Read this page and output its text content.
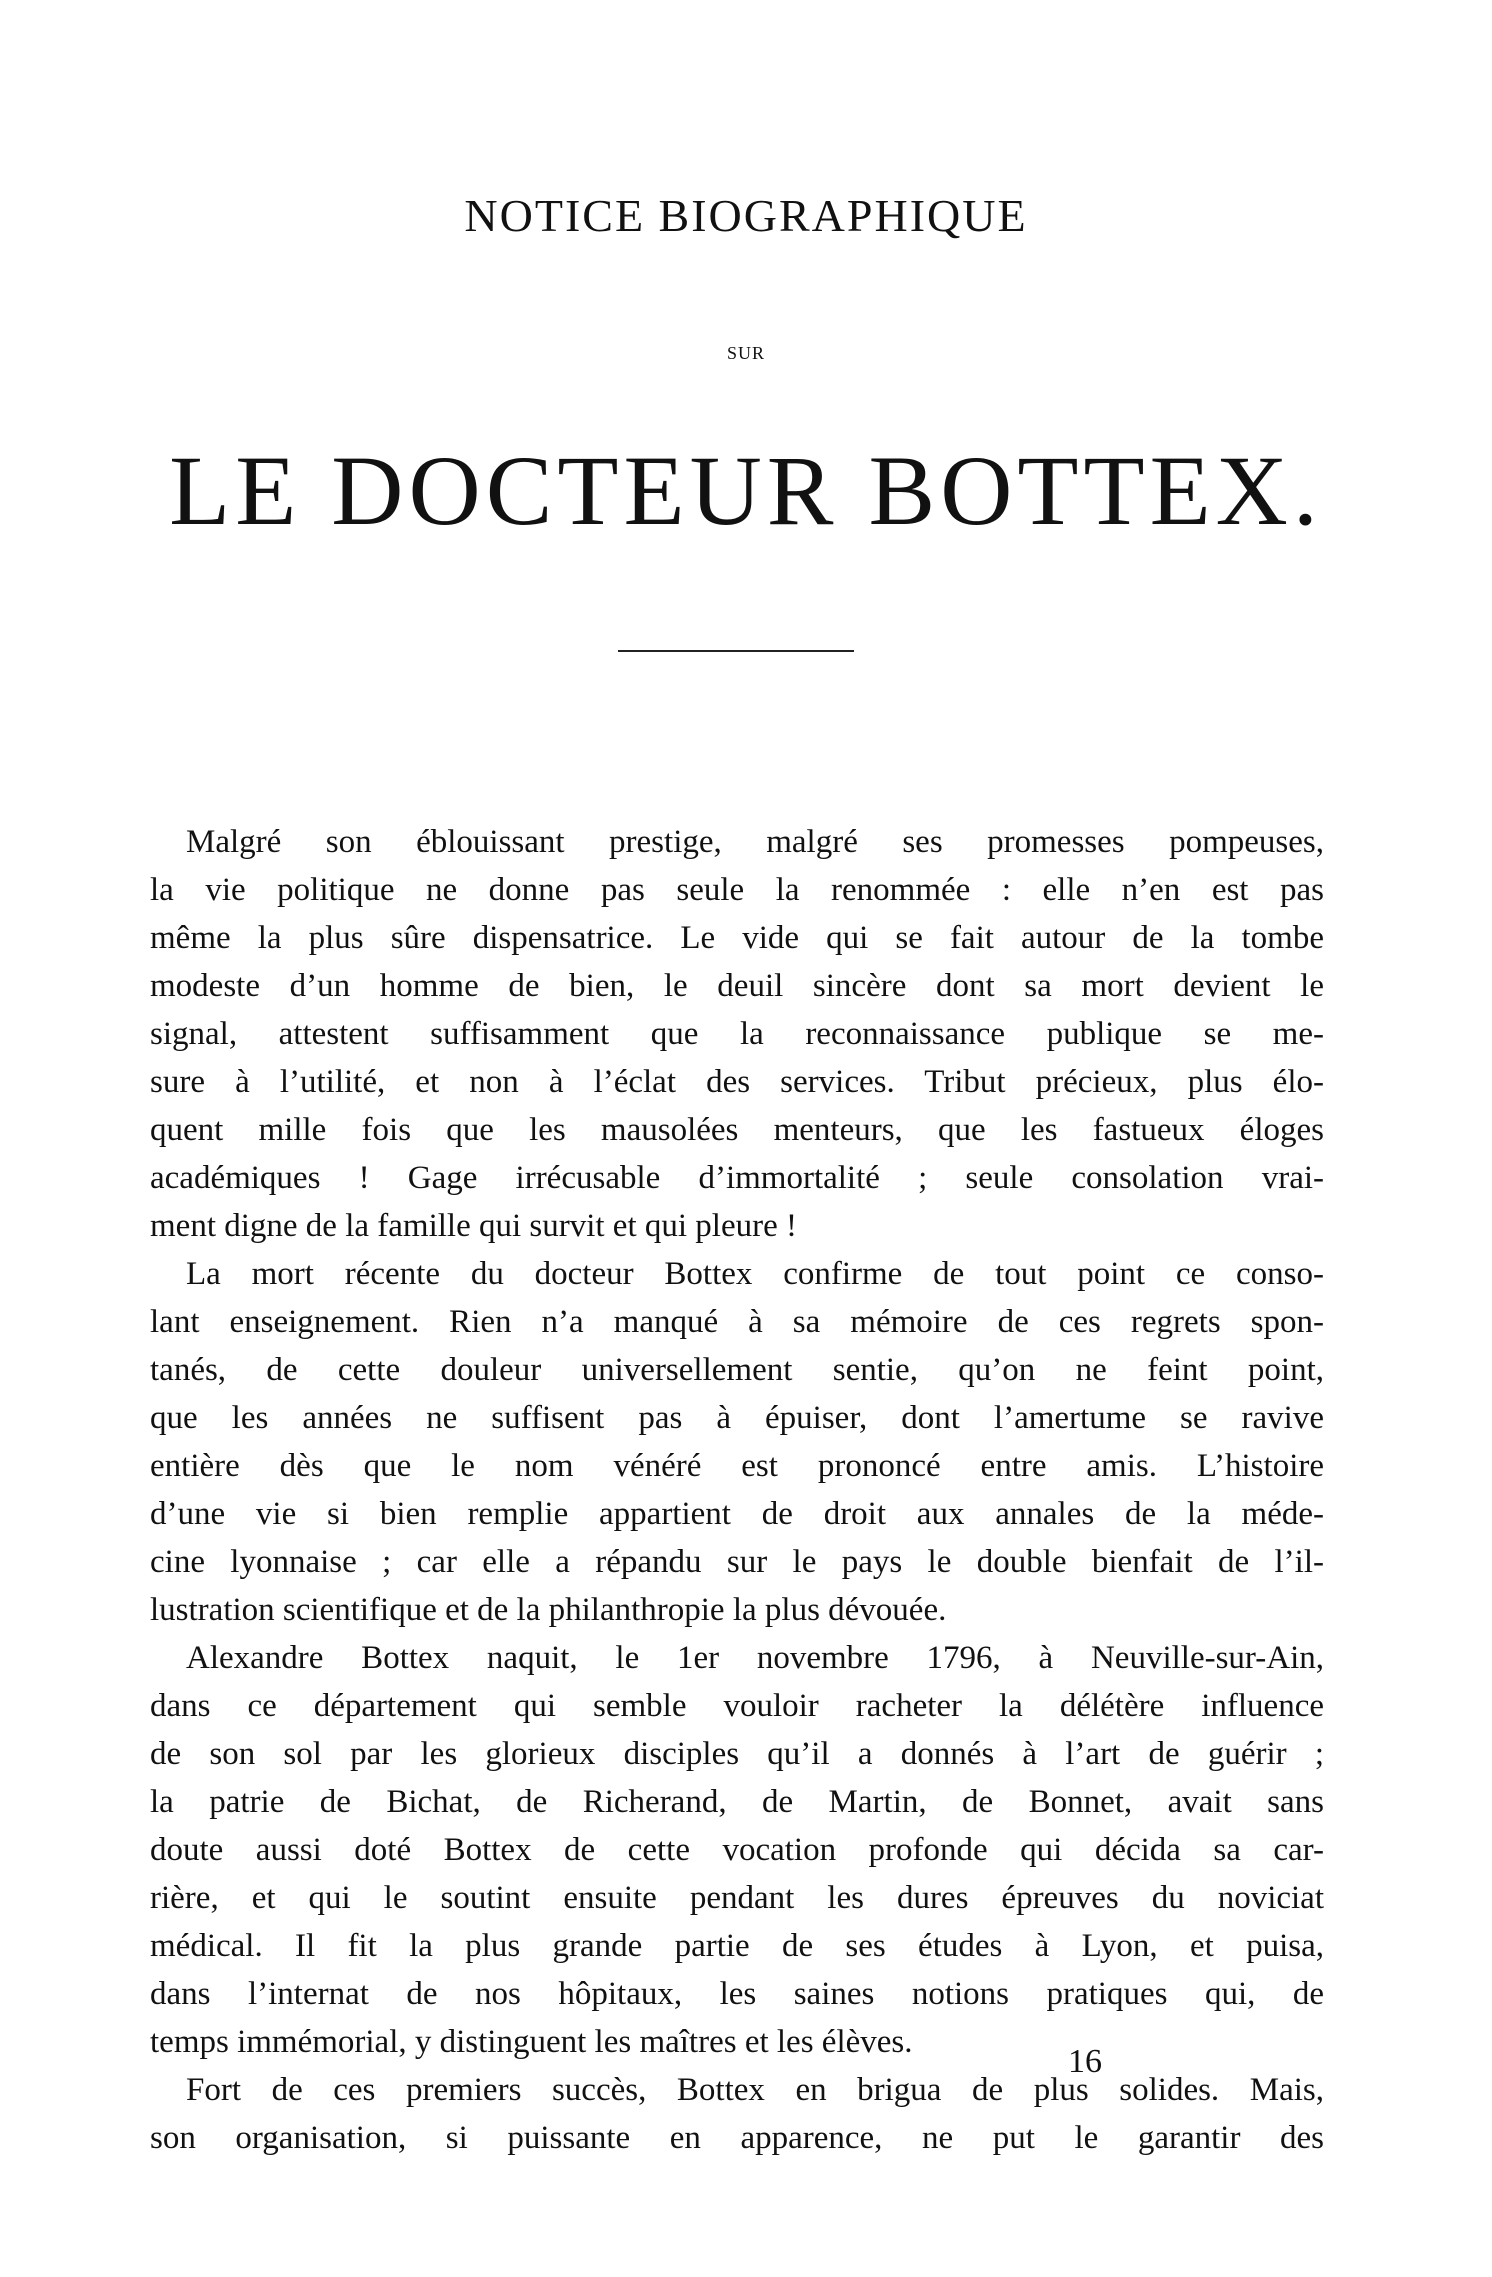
NOTICE BIOGRAPHIQUE
SUR
LE DOCTEUR BOTTEX.
Malgré son éblouissant prestige, malgré ses promesses pompeuses,
la vie politique ne donne pas seule la renommée : elle n’en est pas
même la plus sûre dispensatrice. Le vide qui se fait autour de la tombe
modeste d’un homme de bien, le deuil sincère dont sa mort devient le
signal, attestent suffisamment que la reconnaissance publique se me-
sure à l’utilité, et non à l’éclat des services. Tribut précieux, plus élo-
quent mille fois que les mausolées menteurs, que les fastueux éloges
académiques ! Gage irrécusable d’immortalité ; seule consolation vrai-
ment digne de la famille qui survit et qui pleure !
La mort récente du docteur Bottex confirme de tout point ce conso-
lant enseignement. Rien n’a manqué à sa mémoire de ces regrets spon-
tanés, de cette douleur universellement sentie, qu’on ne feint point,
que les années ne suffisent pas à épuiser, dont l’amertume se ravive
entière dès que le nom vénéré est prononcé entre amis. L’histoire
d’une vie si bien remplie appartient de droit aux annales de la méde-
cine lyonnaise ; car elle a répandu sur le pays le double bienfait de l’il-
lustration scientifique et de la philanthropie la plus dévouée.
Alexandre Bottex naquit, le 1er novembre 1796, à Neuville-sur-Ain,
dans ce département qui semble vouloir racheter la délétère influence
de son sol par les glorieux disciples qu’il a donnés à l’art de guérir ;
la patrie de Bichat, de Richerand, de Martin, de Bonnet, avait sans
doute aussi doté Bottex de cette vocation profonde qui décida sa car-
rière, et qui le soutint ensuite pendant les dures épreuves du noviciat
médical. Il fit la plus grande partie de ses études à Lyon, et puisa,
dans l’internat de nos hôpitaux, les saines notions pratiques qui, de
temps immémorial, y distinguent les maîtres et les élèves.
Fort de ces premiers succès, Bottex en brigua de plus solides. Mais,
son organisation, si puissante en apparence, ne put le garantir des
16
